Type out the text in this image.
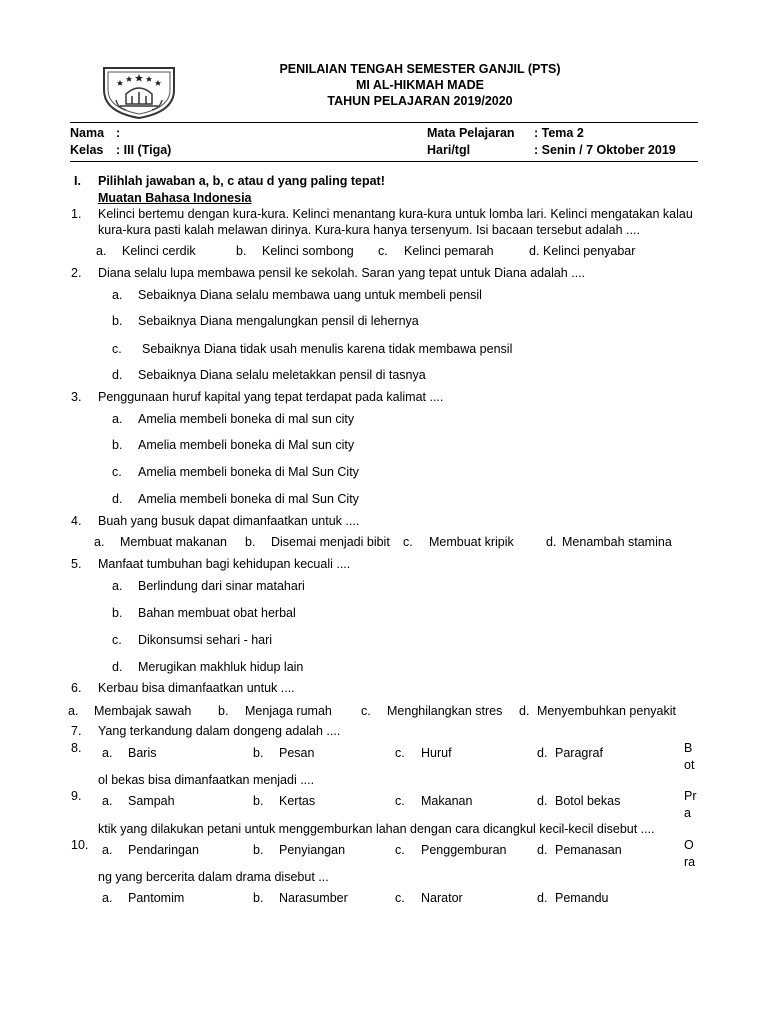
PENILAIAN TENGAH SEMESTER GANJIL (PTS)
MI AL-HIKMAH MADE
TAHUN PELAJARAN 2019/2020
Nama :
Kelas : III (Tiga)
Mata Pelajaran : Tema 2
Hari/tgl	: Senin / 7 Oktober 2019
I. Pilihlah jawaban a, b, c atau d yang paling tepat!
Muatan Bahasa Indonesia
1. Kelinci bertemu dengan kura-kura. Kelinci menantang kura-kura untuk lomba lari. Kelinci mengatakan kalau
kura-kura pasti kalah melawan dirinya. Kura-kura hanya tersenyum. Isi bacaan tersebut adalah ....
a. Kelinci cerdik	b. Kelinci sombong c. Kelinci pemarah	d. Kelinci penyabar
2. Diana selalu lupa membawa pensil ke sekolah. Saran yang tepat untuk Diana adalah ....
a. Sebaiknya Diana selalu membawa uang untuk membeli pensil
b. Sebaiknya Diana mengalungkan pensil di lehernya
c. Sebaiknya Diana tidak usah menulis karena tidak membawa pensil
d. Sebaiknya Diana selalu meletakkan pensil di tasnya
3. Penggunaan huruf kapital yang tepat terdapat pada kalimat ....
a. Amelia membeli boneka di mal sun city
b. Amelia membeli boneka di Mal sun city
c. Amelia membeli boneka di Mal Sun City
d. Amelia membeli boneka di mal Sun City
4. Buah yang busuk dapat dimanfaatkan untuk ....
a. Membuat makanan b. Disemai menjadi bibit c. Membuat kripik	d. Menambah stamina
5. Manfaat tumbuhan bagi kehidupan kecuali ....
a. Berlindung dari sinar matahari
b. Bahan membuat obat herbal
c. Dikonsumsi sehari - hari
d. Merugikan makhluk hidup lain
6. Kerbau bisa dimanfaatkan untuk ....
a. Membajak sawah b. Menjaga rumah c. Menghilangkan stres d. Menyembuhkan penyakit
7. Yang terkandung dalam dongeng adalah ....
a. Baris	b. Pesan	c. Huruf	d. Paragraf
8.	B
ot
ol bekas bisa dimanfaatkan menjadi ....
a. Sampah	b. Kertas	c. Makanan	d. Botol bekas
9.	Pr
a
ktik yang dilakukan petani untuk menggemburkan lahan dengan cara dicangkul kecil-kecil disebut ....
a. Pendaringan	b. Penyiangan	c. Penggemburan d. Pemanasan
10.	O
ra
ng yang bercerita dalam drama disebut ...
a. Pantomim	b. Narasumber	c. Narator	d. Pemandu
